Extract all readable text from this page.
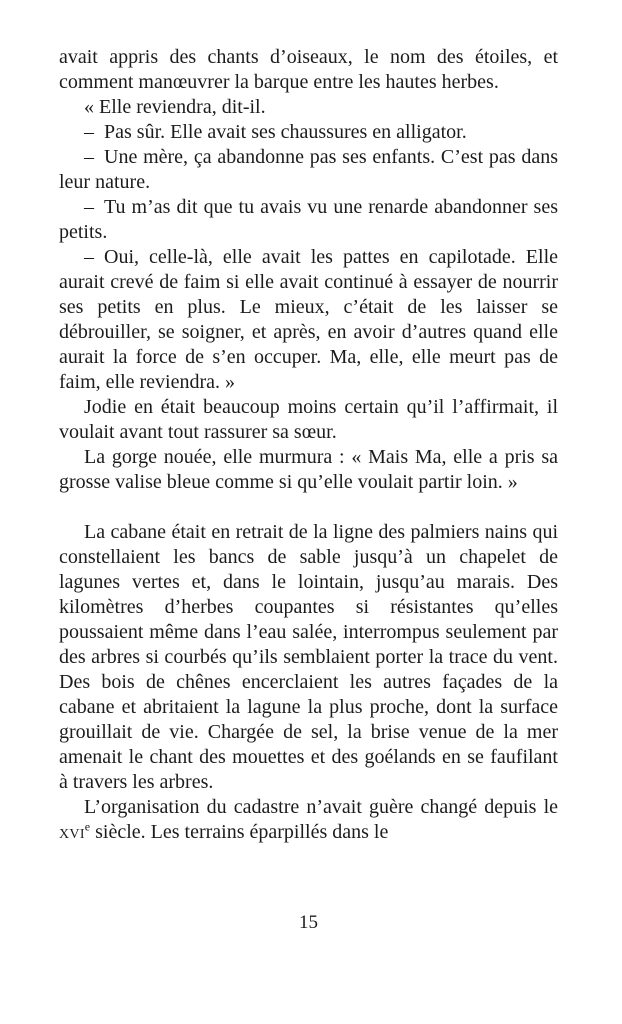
avait appris des chants d’oiseaux, le nom des étoiles, et comment manœuvrer la barque entre les hautes herbes.

« Elle reviendra, dit-il.

– Pas sûr. Elle avait ses chaussures en alligator.

– Une mère, ça abandonne pas ses enfants. C’est pas dans leur nature.

– Tu m’as dit que tu avais vu une renarde abandonner ses petits.

– Oui, celle-là, elle avait les pattes en capilotade. Elle aurait crevé de faim si elle avait continué à essayer de nourrir ses petits en plus. Le mieux, c’était de les laisser se débrouiller, se soigner, et après, en avoir d’autres quand elle aurait la force de s’en occuper. Ma, elle, elle meurt pas de faim, elle reviendra. »

Jodie en était beaucoup moins certain qu’il l’affirmait, il voulait avant tout rassurer sa sœur.

La gorge nouée, elle murmura : « Mais Ma, elle a pris sa grosse valise bleue comme si qu’elle voulait partir loin. »

La cabane était en retrait de la ligne des palmiers nains qui constellaient les bancs de sable jusqu’à un chapelet de lagunes vertes et, dans le lointain, jusqu’au marais. Des kilomètres d’herbes coupantes si résistantes qu’elles poussaient même dans l’eau salée, interrompus seulement par des arbres si courbés qu’ils semblaient porter la trace du vent. Des bois de chênes encerclaient les autres façades de la cabane et abritaient la lagune la plus proche, dont la surface grouillait de vie. Chargée de sel, la brise venue de la mer amenait le chant des mouettes et des goélands en se faufilant à travers les arbres.

L’organisation du cadastre n’avait guère changé depuis le xvi$^e$ siècle. Les terrains éparpillés dans le

15
